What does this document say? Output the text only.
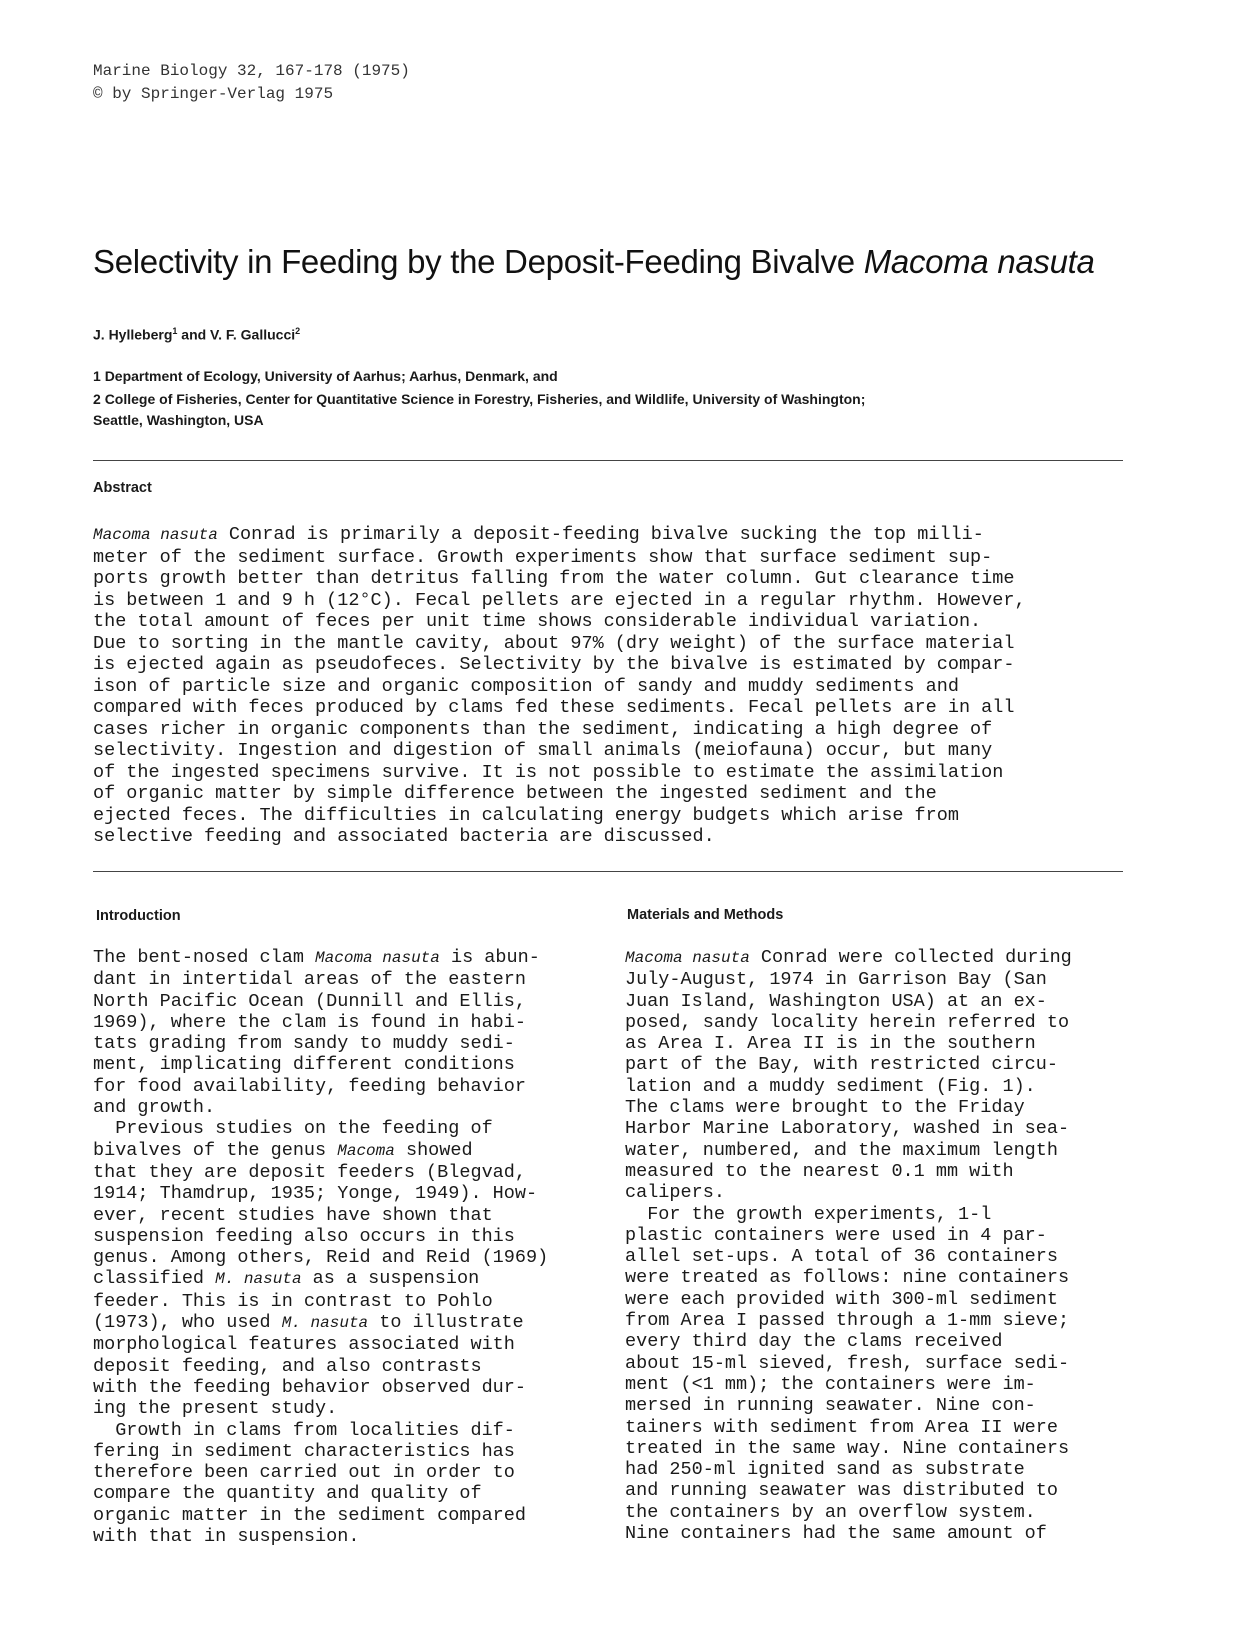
Marine Biology 32, 167-178 (1975)
© by Springer-Verlag 1975
Selectivity in Feeding by the Deposit-Feeding Bivalve Macoma nasuta
J. Hylleberg$^1$ and V. F. Gallucci$^2$
1 Department of Ecology, University of Aarhus; Aarhus, Denmark, and
2 College of Fisheries, Center for Quantitative Science in Forestry, Fisheries, and Wildlife, University of Washington;
Seattle, Washington, USA
Abstract
Macoma nasuta Conrad is primarily a deposit-feeding bivalve sucking the top milli-
meter of the sediment surface. Growth experiments show that surface sediment sup-
ports growth better than detritus falling from the water column. Gut clearance time
is between 1 and 9 h (12°C). Fecal pellets are ejected in a regular rhythm. However,
the total amount of feces per unit time shows considerable individual variation.
Due to sorting in the mantle cavity, about 97% (dry weight) of the surface material
is ejected again as pseudofeces. Selectivity by the bivalve is estimated by compar-
ison of particle size and organic composition of sandy and muddy sediments and
compared with feces produced by clams fed these sediments. Fecal pellets are in all
cases richer in organic components than the sediment, indicating a high degree of
selectivity. Ingestion and digestion of small animals (meiofauna) occur, but many
of the ingested specimens survive. It is not possible to estimate the assimilation
of organic matter by simple difference between the ingested sediment and the
ejected feces. The difficulties in calculating energy budgets which arise from
selective feeding and associated bacteria are discussed.
Introduction
The bent-nosed clam Macoma nasuta is abun-
dant in intertidal areas of the eastern
North Pacific Ocean (Dunnill and Ellis,
1969), where the clam is found in habi-
tats grading from sandy to muddy sedi-
ment, implicating different conditions
for food availability, feeding behavior
and growth.
Previous studies on the feeding of
bivalves of the genus Macoma showed
that they are deposit feeders (Blegvad,
1914; Thamdrup, 1935; Yonge, 1949). How-
ever, recent studies have shown that
suspension feeding also occurs in this
genus. Among others, Reid and Reid (1969)
classified M. nasuta as a suspension
feeder. This is in contrast to Pohlo
(1973), who used M. nasuta to illustrate
morphological features associated with
deposit feeding, and also contrasts
with the feeding behavior observed dur-
ing the present study.
Growth in clams from localities dif-
fering in sediment characteristics has
therefore been carried out in order to
compare the quantity and quality of
organic matter in the sediment compared
with that in suspension.
Materials and Methods
Macoma nasuta Conrad were collected during
July-August, 1974 in Garrison Bay (San
Juan Island, Washington USA) at an ex-
posed, sandy locality herein referred to
as Area I. Area II is in the southern
part of the Bay, with restricted circu-
lation and a muddy sediment (Fig. 1).
The clams were brought to the Friday
Harbor Marine Laboratory, washed in sea-
water, numbered, and the maximum length
measured to the nearest 0.1 mm with
calipers.
For the growth experiments, 1-l
plastic containers were used in 4 par-
allel set-ups. A total of 36 containers
were treated as follows: nine containers
were each provided with 300-ml sediment
from Area I passed through a 1-mm sieve;
every third day the clams received
about 15-ml sieved, fresh, surface sedi-
ment (<1 mm); the containers were im-
mersed in running seawater. Nine con-
tainers with sediment from Area II were
treated in the same way. Nine containers
had 250-ml ignited sand as substrate
and running seawater was distributed to
the containers by an overflow system.
Nine containers had the same amount of
